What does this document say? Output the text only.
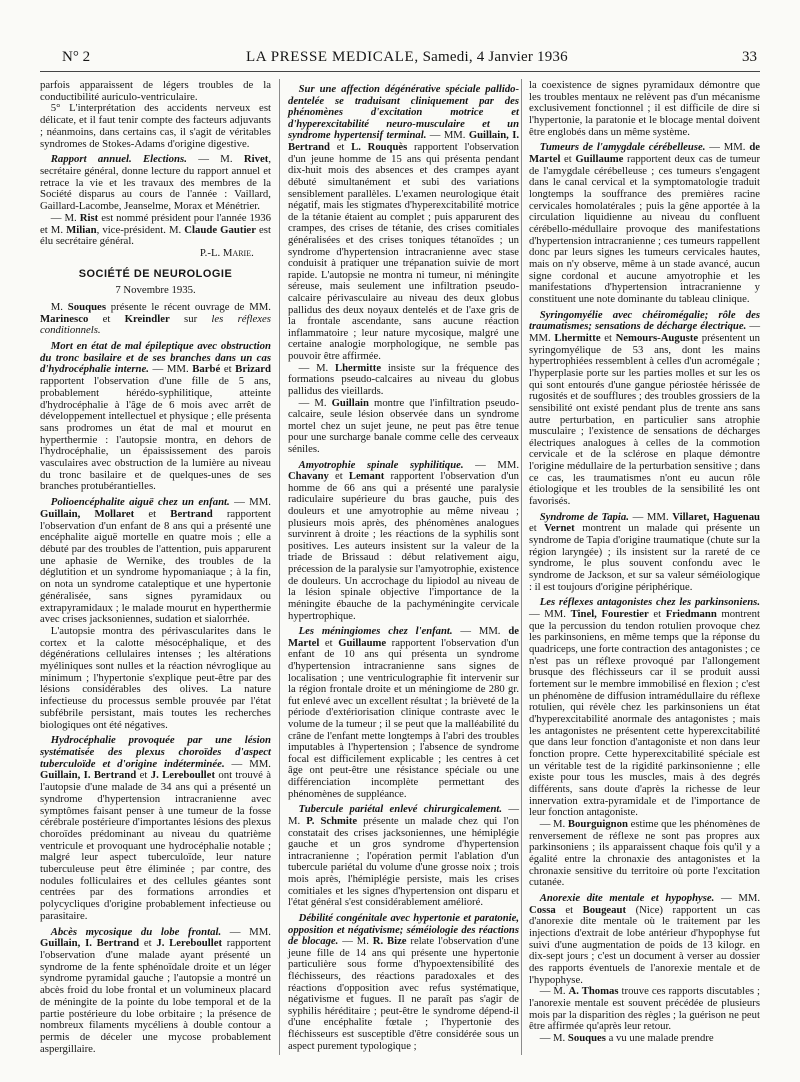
N° 2	LA PRESSE MEDICALE, Samedi, 4 Janvier 1936	33
parfois apparaissent de légers troubles de la conductibilité auriculo-ventriculaire.
5° L'interprétation des accidents nerveux est délicate, et il faut tenir compte des facteurs adjuvants ; néanmoins, dans certains cas, il s'agit de véritables syndromes de Stokes-Adams d'origine digestive.
Rapport annuel. Elections. — M. Rivet, secrétaire général, donne lecture du rapport annuel et retrace la vie et les travaux des membres de la Société disparus au cours de l'année : Vaillard, Gaillard-Lacombe, Jeanselme, Morax et Ménétrier.
— M. Rist est nommé président pour l'année 1936 et M. Milian, vice-président. M. Claude Gautier est élu secrétaire général.
P.-L. Marie.
SOCIÉTÉ DE NEUROLOGIE
7 Novembre 1935.
M. Souques présente le récent ouvrage de MM. Marinesco et Kreindler sur les réflexes conditionnels.
Mort en état de mal épileptique avec obstruction du tronc basilaire et de ses branches dans un cas d'hydrocéphalie interne. — MM. Barbé et Brizard rapportent l'observation d'une fille de 5 ans, probablement hérédo-syphilitique, atteinte d'hydrocéphalie à l'âge de 6 mois avec arrêt de développement intellectuel et physique ; elle présenta sans prodromes un état de mal et mourut en hyperthermie : l'autopsie montra, en dehors de l'hydrocéphalie, un épaississement des parois vasculaires avec obstruction de la lumière au niveau du tronc basilaire et de quelques-unes de ses branches protubérantielles.
Polioencéphalite aiguë chez un enfant. — MM. Guillain, Mollaret et Bertrand rapportent l'observation d'un enfant de 8 ans qui a présenté une encéphalite aiguë mortelle en quatre mois ; elle a débuté par des troubles de l'attention, puis apparurent une aphasie de Wernike, des troubles de la déglutition et un syndrome hypomaniaque ; à la fin, on nota un syndrome cataleptique et une hypertonie généralisée, sans signes pyramidaux ou extrapyramidaux ; le malade mourut en hyperthermie avec crises jacksoniennes, sudation et sialorrhée.
L'autopsie montra des périvascularites dans le cortex et la calotte mésocéphalique, et des dégénérations cellulaires intenses ; les altérations myéliniques sont nulles et la réaction névroglique au minimum ; l'hypertonie s'explique peut-être par des lésions considérables des olives. La nature infectieuse du processus semble prouvée par l'état subfébrile persistant, mais toutes les recherches biologiques ont été négatives.
Hydrocéphalie provoquée par une lésion systématisée des plexus choroïdes d'aspect tuberculoïde et d'origine indéterminée. — MM. Guillain, I. Bertrand et J. Lereboullet ont trouvé à l'autopsie d'une malade de 34 ans qui a présenté un syndrome d'hypertension intracranienne avec symptômes faisant penser à une tumeur de la fosse cérébrale postérieure d'importantes lésions des plexus choroïdes prédominant au niveau du quatrième ventricule et provoquant une hydrocéphalie notable ; malgré leur aspect tuberculoïde, leur nature tuberculeuse peut être éliminée ; par contre, des nodules folliculaires et des cellules géantes sont centrées par des formations arrondies et polycycliques d'origine probablement infectieuse ou parasitaire.
Abcès mycosique du lobe frontal. — MM. Guillain, I. Bertrand et J. Lereboullet rapportent l'observation d'une malade ayant présenté un syndrome de la fente sphénoïdale droite et un léger syndrome pyramidal gauche ; l'autopsie a montré un abcès froid du lobe frontal et un volumineux placard de méningite de la pointe du lobe temporal et de la partie postérieure du lobe orbitaire ; la présence de nombreux filaments mycéliens à double contour a permis de déceler une mycose probablement aspergillaire.
Sur une affection dégénérative spéciale pallido-dentelée se traduisant cliniquement par des phénomènes d'excitation motrice et d'hyperexcitabilité neuro-musculaire et un syndrome hypertensif terminal. — MM. Guillain, I. Bertrand et L. Rouquès rapportent l'observation d'un jeune homme de 15 ans qui présenta pendant dix-huit mois des absences et des crampes ayant débuté simultanément et subi des variations sensiblement parallèles. L'examen neurologique était négatif, mais les stigmates d'hyperexcitabilité motrice de la tétanie étaient au complet ; puis apparurent des crampes, des crises de tétanie, des crises comitiales généralisées et des crises toniques tétanoïdes ; un syndrome d'hypertension intracranienne avec stase conduisit à pratiquer une trépanation suivie de mort rapide. L'autopsie ne montra ni tumeur, ni méningite séreuse, mais seulement une infiltration pseudo-calcaire périvasculaire au niveau des deux globus pallidus des deux noyaux dentelés et de l'axe gris de la frontale ascendante, sans aucune réaction inflammatoire ; leur nature mycosique, malgré une certaine analogie morphologique, ne semble pas pouvoir être affirmée.
— M. Lhermitte insiste sur la fréquence des formations pseudo-calcaires au niveau du globus pallidus des vieillards.
— M. Guillain montre que l'infiltration pseudo-calcaire, seule lésion observée dans un syndrome mortel chez un sujet jeune, ne peut pas être tenue pour une surcharge banale comme celle des cerveaux séniles.
Amyotrophie spinale syphilitique. — MM. Chavany et Lemant rapportent l'observation d'un homme de 66 ans qui a présenté une paralysie radiculaire supérieure du bras gauche, puis des douleurs et une amyotrophie au même niveau ; plusieurs mois après, des phénomènes analogues survinrent à droite ; les réactions de la syphilis sont positives. Les auteurs insistent sur la valeur de la triade de Brissaud : début relativement aigu, précession de la paralysie sur l'amyotrophie, existence de douleurs. Un accrochage du lipiodol au niveau de la lésion spinale objective l'importance de la méningite ébauche de la pachyméningite cervicale hypertrophique.
Les méningiomes chez l'enfant. — MM. de Martel et Guillaume rapportent l'observation d'un enfant de 10 ans qui présenta un syndrome d'hypertension intracranienne sans signes de localisation ; une ventriculographie fit intervenir sur la région frontale droite et un méningiome de 280 gr. fut enlevé avec un excellent résultat ; la brièveté de la période d'extériorisation clinique contraste avec le volume de la tumeur ; il se peut que la malléabilité du crâne de l'enfant mette longtemps à l'abri des troubles imputables à l'hypertension ; l'absence de syndrome focal est difficilement explicable ; les centres à cet âge ont peut-être une résistance spéciale ou une différenciation incomplète permettant des phénomènes de suppléance.
Tubercule pariétal enlevé chirurgicalement. — M. P. Schmite présente un malade chez qui l'on constatait des crises jacksoniennes, une hémiplégie gauche et un gros syndrome d'hypertension intracranienne ; l'opération permit l'ablation d'un tubercule pariétal du volume d'une grosse noix ; trois mois après, l'hémiplégie persiste, mais les crises comitiales et les signes d'hypertension ont disparu et l'état général s'est considérablement amélioré.
Débilité congénitale avec hypertonie et paratonie, opposition et négativisme; séméiologie des réactions de blocage. — M. R. Bize relate l'observation d'une jeune fille de 14 ans qui présente une hypertonie particulière sous forme d'hypoextensibilité des fléchisseurs, des réactions paradoxales et des réactions d'opposition avec refus systématique, négativisme et fugues. Il ne paraît pas s'agir de syphilis héréditaire ; peut-être le syndrome dépend-il d'une encéphalite fœtale ; l'hypertonie des fléchisseurs est susceptible d'être considérée sous un aspect purement typologique ;
la coexistence de signes pyramidaux démontre que les troubles mentaux ne relèvent pas d'un mécanisme exclusivement fonctionnel ; il est difficile de dire si l'hypertonie, la paratonie et le blocage mental doivent être englobés dans un même système.
Tumeurs de l'amygdale cérébelleuse. — MM. de Martel et Guillaume rapportent deux cas de tumeur de l'amygdale cérébelleuse ; ces tumeurs s'engagent dans le canal cervical et la symptomatologie traduit longtemps la souffrance des premières racine cervicales homolatérales ; puis la gêne apportée à la circulation liquidienne au niveau du confluent cérébello-médullaire provoque des manifestations d'hypertension intracranienne ; ces tumeurs rappellent donc par leurs signes les tumeurs cervicales hautes, mais on n'y observe, même à un stade avancé, aucun signe cordonal et aucune amyotrophie et les manifestations d'hypertension intracranienne y constituent une note dominante du tableau clinique.
Syringomyélie avec chéiromégalie; rôle des traumatismes; sensations de décharge électrique. — MM. Lhermitte et Nemours-Auguste présentent un syringomyélique de 53 ans, dont les mains hypertrophiées ressemblent à celles d'un acromégale ; l'hyperplasie porte sur les parties molles et sur les os qui sont entourés d'une gangue périostée hérissée de rugosités et de soufflures ; des troubles grossiers de la sensibilité ont existé pendant plus de trente ans sans autre perturbation, en particulier sans atrophie musculaire ; l'existence de sensations de décharges électriques analogues à celles de la commotion cervicale et de la sclérose en plaque démontre l'origine médullaire de la perturbation sensitive ; dans ce cas, les traumatismes n'ont eu aucun rôle étiologique et les troubles de la sensibilité les ont favorisés.
Syndrome de Tapia. — MM. Villaret, Haguenau et Vernet montrent un malade qui présente un syndrome de Tapia d'origine traumatique (chute sur la région laryngée) ; ils insistent sur la rareté de ce syndrome, le plus souvent confondu avec le syndrome de Jackson, et sur sa valeur séméiologique : il est toujours d'origine périphérique.
Les réflexes antagonistes chez les parkinsoniens. — MM. Tinel, Fourestier et Friedmann montrent que la percussion du tendon rotulien provoque chez les parkinsoniens, en même temps que la réponse du quadriceps, une forte contraction des antagonistes ; ce n'est pas un réflexe provoqué par l'allongement brusque des fléchisseurs car il se produit aussi fortement sur le membre immobilisé en flexion ; c'est un phénomène de diffusion intramédullaire du réflexe rotulien, qui révèle chez les parkinsoniens un état d'hyperexcitabilité anormale des antagonistes ; mais les antagonistes ne présentent cette hyperexcitabilité que dans leur fonction d'antagoniste et non dans leur fonction propre. Cette hyperexcitabilité spéciale est un véritable test de la rigidité parkinsonienne ; elle existe pour tous les muscles, mais à des degrés différents, sans doute d'après la richesse de leur innervation extra-pyramidale et de l'importance de leur fonction antagoniste.
— M. Bourguignon estime que les phénomènes de renversement de réflexe ne sont pas propres aux parkinsoniens ; ils apparaissent chaque fois qu'il y a égalité entre la chronaxie des antagonistes et la chronaxie sensitive du territoire où porte l'excitation cutanée.
Anorexie dite mentale et hypophyse. — MM. Cossa et Bougeaut (Nice) rapportent un cas d'anorexie dite mentale où le traitement par les injections d'extrait de lobe antérieur d'hypophyse fut suivi d'une augmentation de poids de 13 kilogr. en dix-sept jours ; c'est un document à verser au dossier des rapports éventuels de l'anorexie mentale et de l'hypophyse.
— M. A. Thomas trouve ces rapports discutables ; l'anorexie mentale est souvent précédée de plusieurs mois par la disparition des règles ; la guérison ne peut être affirmée qu'après leur retour.
— M. Souques a vu une malade prendre
